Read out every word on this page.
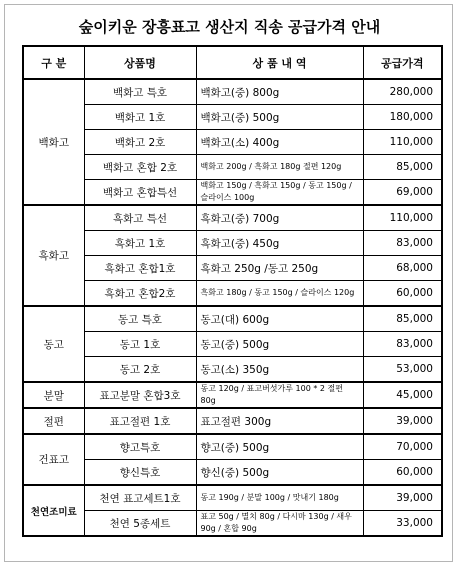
숲이키운 장흥표고 생산지 직송 공급가격 안내
구 분	상품명	상 품 내 역	공급가격
백화고	백화고 특호	백화고(중) 800g	280,000
	백화고 1호	백화고(중) 500g	180,000
	백화고 2호	백화고(소) 400g	110,000
	백화고 혼합 2호	백화고 200g / 흑화고 180g 절편 120g	85,000
	백화고 혼합특선	백화고 150g / 흑화고 150g / 동고 150g / 슬라이스 100g	69,000
흑화고	흑화고 특선	흑화고(중) 700g	110,000
	흑화고 1호	흑화고(중) 450g	83,000
	흑화고 혼합1호	흑화고 250g /동고 250g	68,000
	흑화고 혼합2호	흑화고 180g / 동고 150g / 슬라이스 120g	60,000
동고	동고 특호	동고(대) 600g	85,000
	동고 1호	동고(중) 500g	83,000
	동고 2호	동고(소) 350g	53,000
분말	표고분말 혼합3호	동고 120g / 표고버섯가루 100 * 2 절편 80g	45,000
절편	표고절편 1호	표고절편 300g	39,000
건표고	향고특호	향고(중) 500g	70,000
	향신특호	향신(중) 500g	60,000
천연조미료	천연 표고세트1호	동고 190g / 분말 100g / 맛내기 180g	39,000
	천연 5종세트	표고 50g / 멸치 80g / 다시마 130g / 새우 90g / 혼합 90g	33,000
